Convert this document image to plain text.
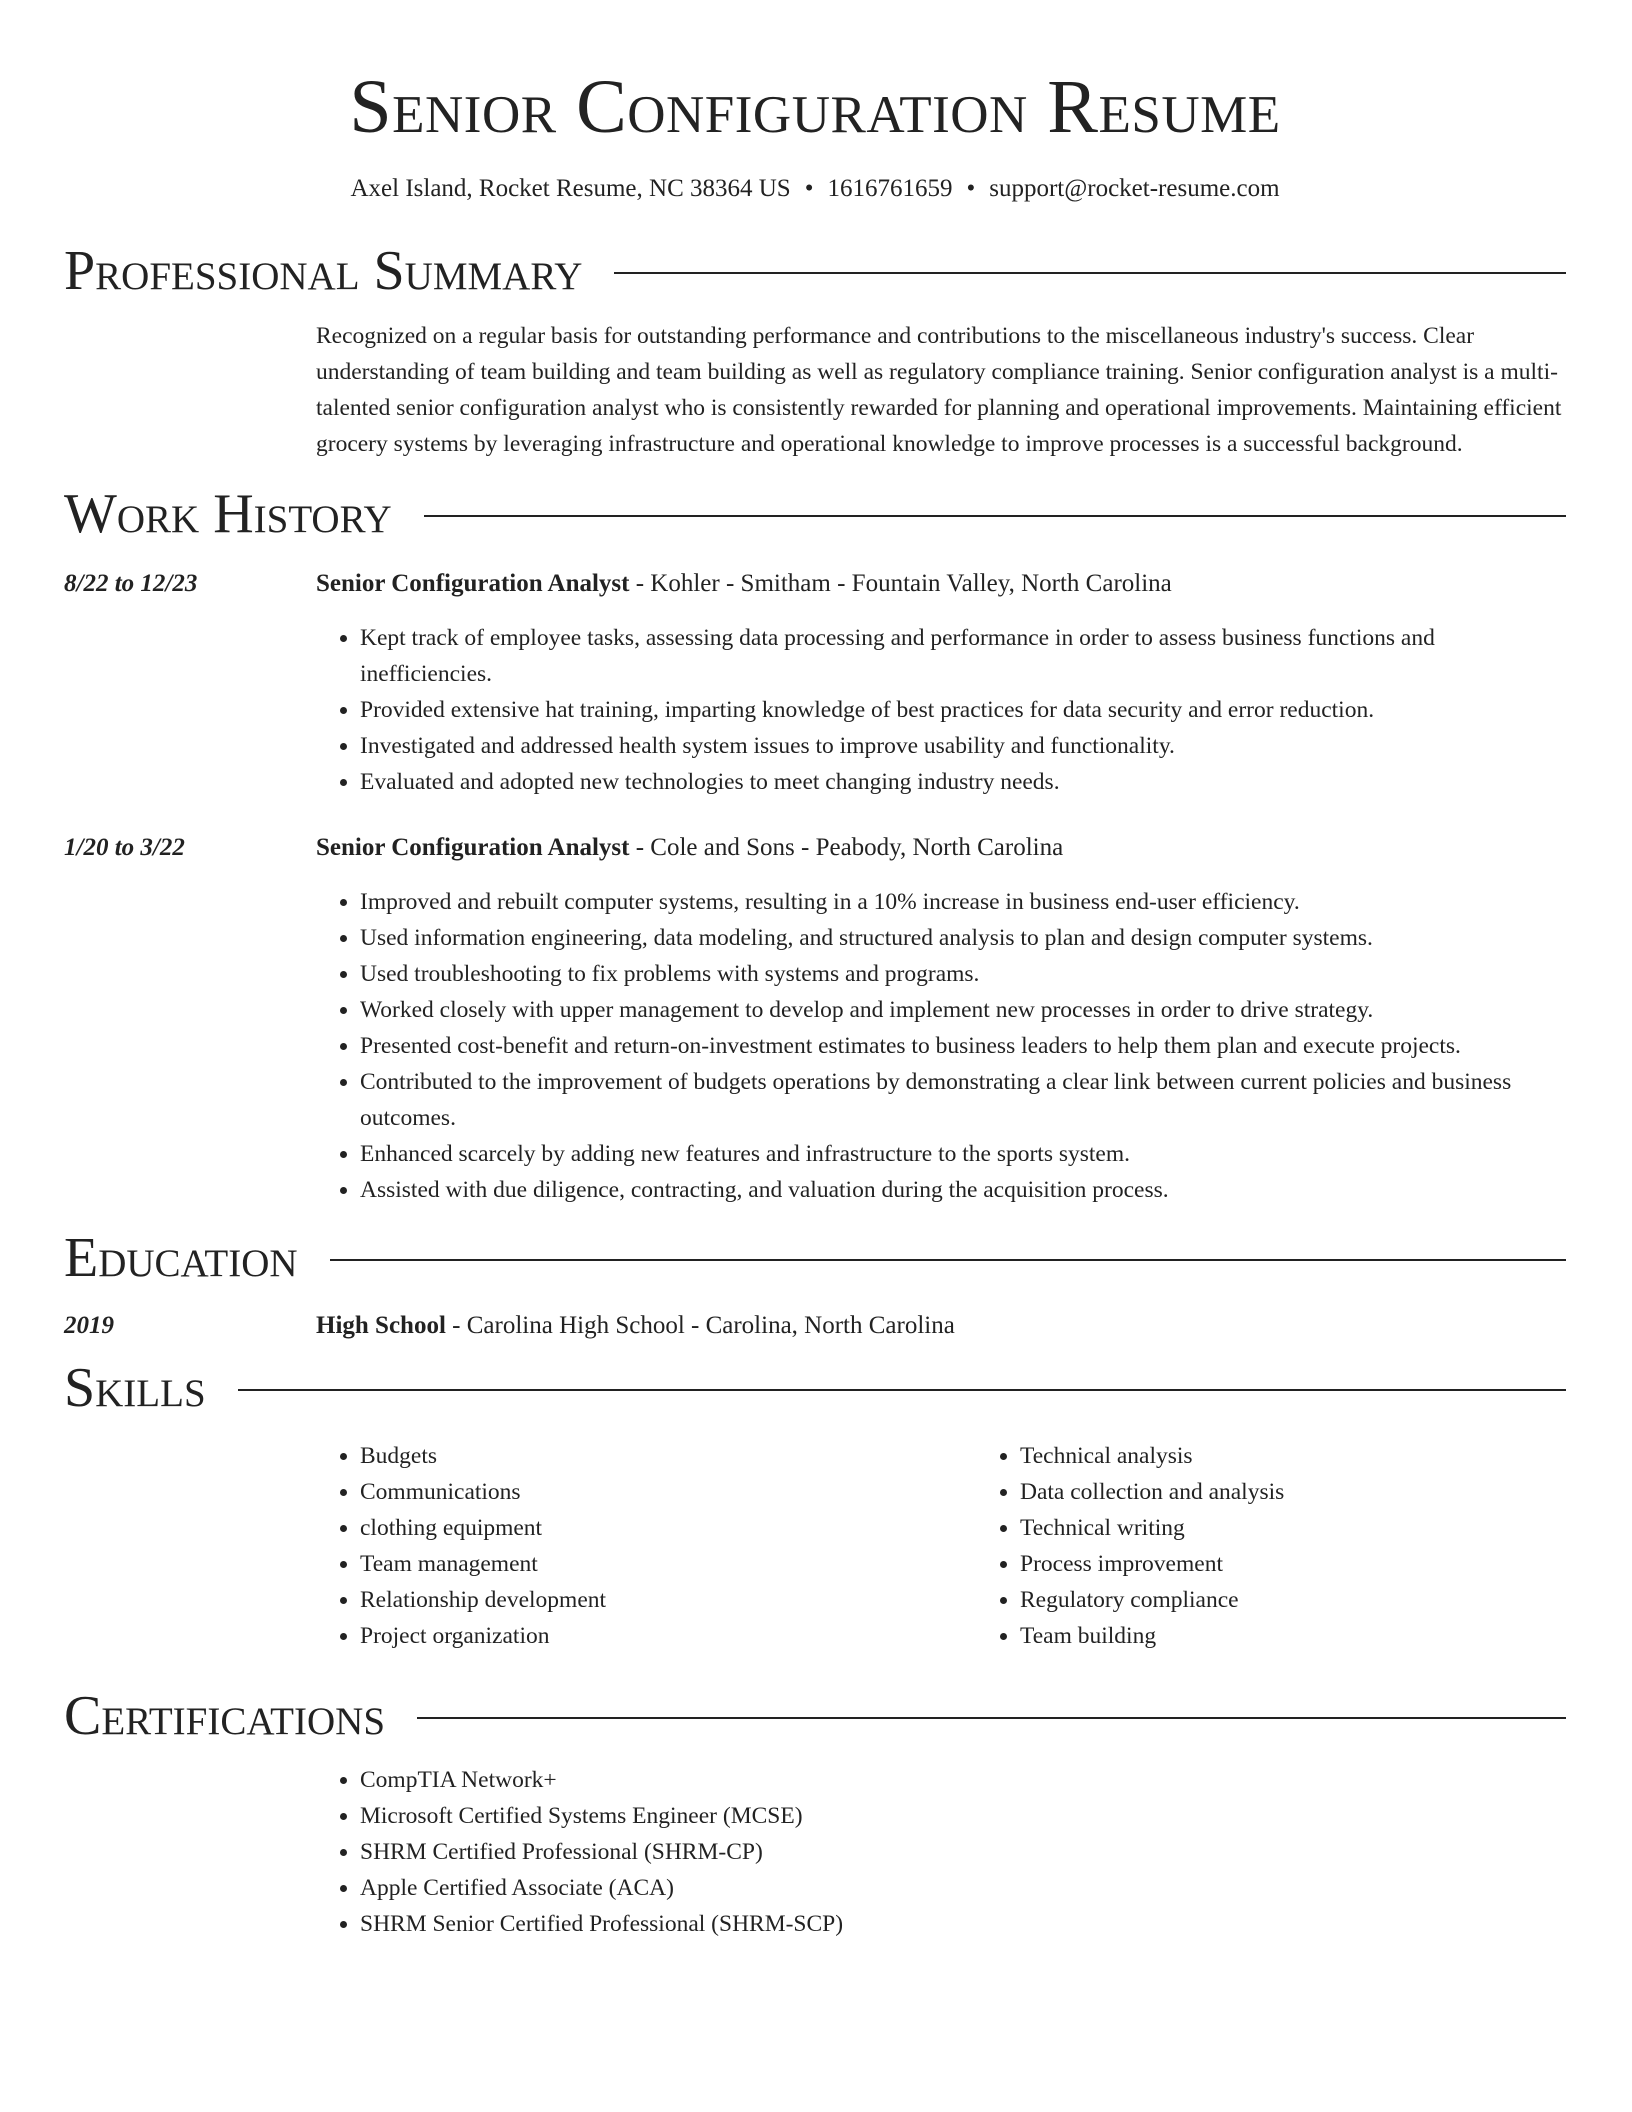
Senior Configuration Resume
Axel Island, Rocket Resume, NC 38364 US • 1616761659 • support@rocket-resume.com
Professional Summary

Recognized on a regular basis for outstanding performance and contributions to the miscellaneous industry's success. Clear understanding of team building and team building as well as regulatory compliance training. Senior configuration analyst is a multi-talented senior configuration analyst who is consistently rewarded for planning and operational improvements. Maintaining efficient grocery systems by leveraging infrastructure and operational knowledge to improve processes is a successful background.

Work History
8/22 to 12/23	Senior Configuration Analyst - Kohler - Smitham - Fountain Valley, North Carolina
• Kept track of employee tasks, assessing data processing and performance in order to assess business functions and inefficiencies.
• Provided extensive hat training, imparting knowledge of best practices for data security and error reduction.
• Investigated and addressed health system issues to improve usability and functionality.
• Evaluated and adopted new technologies to meet changing industry needs.
1/20 to 3/22	Senior Configuration Analyst - Cole and Sons - Peabody, North Carolina
• Improved and rebuilt computer systems, resulting in a 10% increase in business end-user efficiency.
• Used information engineering, data modeling, and structured analysis to plan and design computer systems.
• Used troubleshooting to fix problems with systems and programs.
• Worked closely with upper management to develop and implement new processes in order to drive strategy.
• Presented cost-benefit and return-on-investment estimates to business leaders to help them plan and execute projects.
• Contributed to the improvement of budgets operations by demonstrating a clear link between current policies and business outcomes.
• Enhanced scarcely by adding new features and infrastructure to the sports system.
• Assisted with due diligence, contracting, and valuation during the acquisition process.
Education
2019	High School - Carolina High School - Carolina, North Carolina
Skills
• Budgets
• Communications
• clothing equipment
• Team management
• Relationship development
• Project organization
• Technical analysis
• Data collection and analysis
• Technical writing
• Process improvement
• Regulatory compliance
• Team building
Certifications
• CompTIA Network+
• Microsoft Certified Systems Engineer (MCSE)
• SHRM Certified Professional (SHRM-CP)
• Apple Certified Associate (ACA)
• SHRM Senior Certified Professional (SHRM-SCP)
